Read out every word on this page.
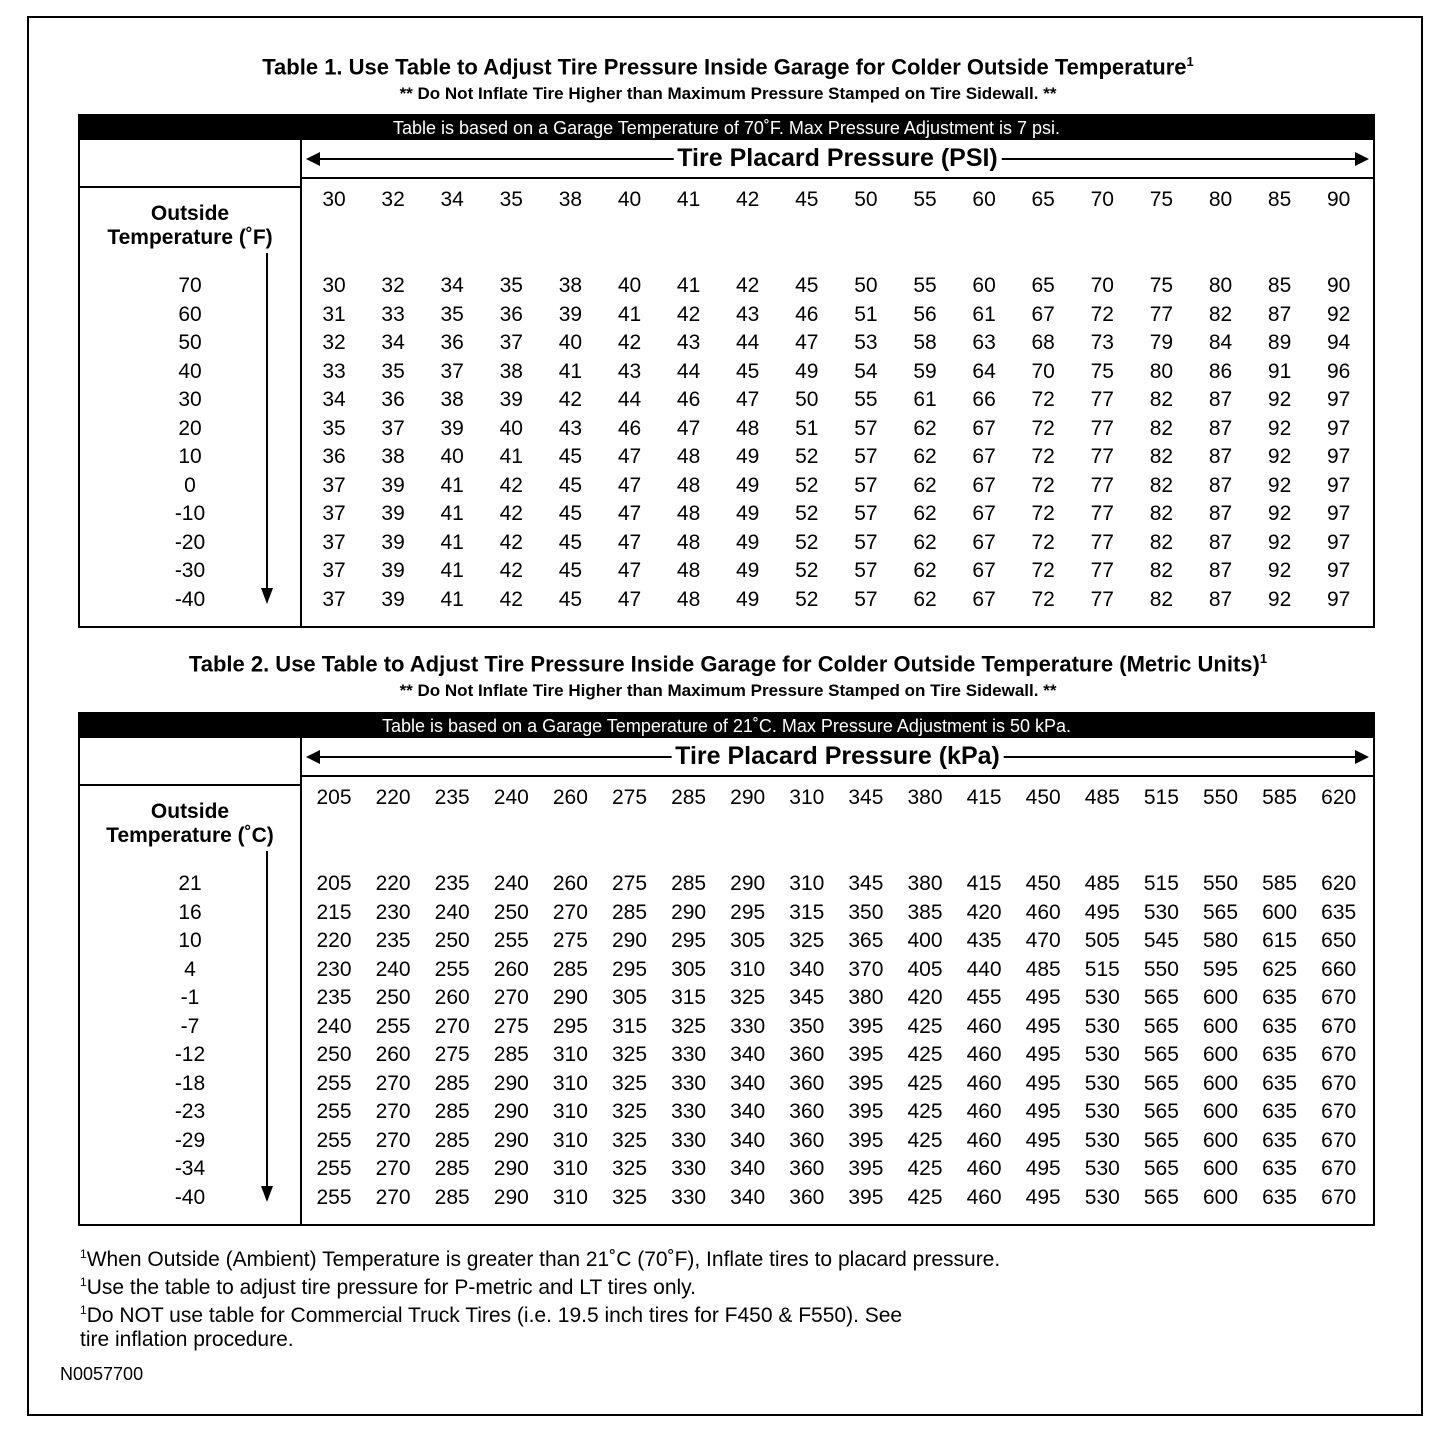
Table 1. Use Table to Adjust Tire Pressure Inside Garage for Colder Outside Temperature$^1$
** Do Not Inflate Tire Higher than Maximum Pressure Stamped on Tire Sidewall. **
Table is based on a Garage Temperature of 70˚F. Max Pressure Adjustment is 7 psi.
Tire Placard Pressure (PSI)
Outside
Temperature (˚F)
30	32	34	35	38	40	41	42	45	50	55	60	65	70	75	80	85	90
70	30	32	34	35	38	40	41	42	45	50	55	60	65	70	75	80	85	90
60	31	33	35	36	39	41	42	43	46	51	56	61	67	72	77	82	87	92
50	32	34	36	37	40	42	43	44	47	53	58	63	68	73	79	84	89	94
40	33	35	37	38	41	43	44	45	49	54	59	64	70	75	80	86	91	96
30	34	36	38	39	42	44	46	47	50	55	61	66	72	77	82	87	92	97
20	35	37	39	40	43	46	47	48	51	57	62	67	72	77	82	87	92	97
10	36	38	40	41	45	47	48	49	52	57	62	67	72	77	82	87	92	97
0	37	39	41	42	45	47	48	49	52	57	62	67	72	77	82	87	92	97
-10	37	39	41	42	45	47	48	49	52	57	62	67	72	77	82	87	92	97
-20	37	39	41	42	45	47	48	49	52	57	62	67	72	77	82	87	92	97
-30	37	39	41	42	45	47	48	49	52	57	62	67	72	77	82	87	92	97
-40	37	39	41	42	45	47	48	49	52	57	62	67	72	77	82	87	92	97
Table 2. Use Table to Adjust Tire Pressure Inside Garage for Colder Outside Temperature (Metric Units)$^1$
** Do Not Inflate Tire Higher than Maximum Pressure Stamped on Tire Sidewall. **
Table is based on a Garage Temperature of 21˚C. Max Pressure Adjustment is 50 kPa.
Tire Placard Pressure (kPa)
Outside
Temperature (˚C)
205	220	235	240	260	275	285	290	310	345	380	415	450	485	515	550	585	620
21	205	220	235	240	260	275	285	290	310	345	380	415	450	485	515	550	585	620
16	215	230	240	250	270	285	290	295	315	350	385	420	460	495	530	565	600	635
10	220	235	250	255	275	290	295	305	325	365	400	435	470	505	545	580	615	650
4	230	240	255	260	285	295	305	310	340	370	405	440	485	515	550	595	625	660
-1	235	250	260	270	290	305	315	325	345	380	420	455	495	530	565	600	635	670
-7	240	255	270	275	295	315	325	330	350	395	425	460	495	530	565	600	635	670
-12	250	260	275	285	310	325	330	340	360	395	425	460	495	530	565	600	635	670
-18	255	270	285	290	310	325	330	340	360	395	425	460	495	530	565	600	635	670
-23	255	270	285	290	310	325	330	340	360	395	425	460	495	530	565	600	635	670
-29	255	270	285	290	310	325	330	340	360	395	425	460	495	530	565	600	635	670
-34	255	270	285	290	310	325	330	340	360	395	425	460	495	530	565	600	635	670
-40	255	270	285	290	310	325	330	340	360	395	425	460	495	530	565	600	635	670
$^1$When Outside (Ambient) Temperature is greater than 21˚C (70˚F), Inflate tires to placard pressure.
$^1$Use the table to adjust tire pressure for P-metric and LT tires only.
$^1$Do NOT use table for Commercial Truck Tires (i.e. 19.5 inch tires for F450 & F550). See
tire inflation procedure.
N0057700
